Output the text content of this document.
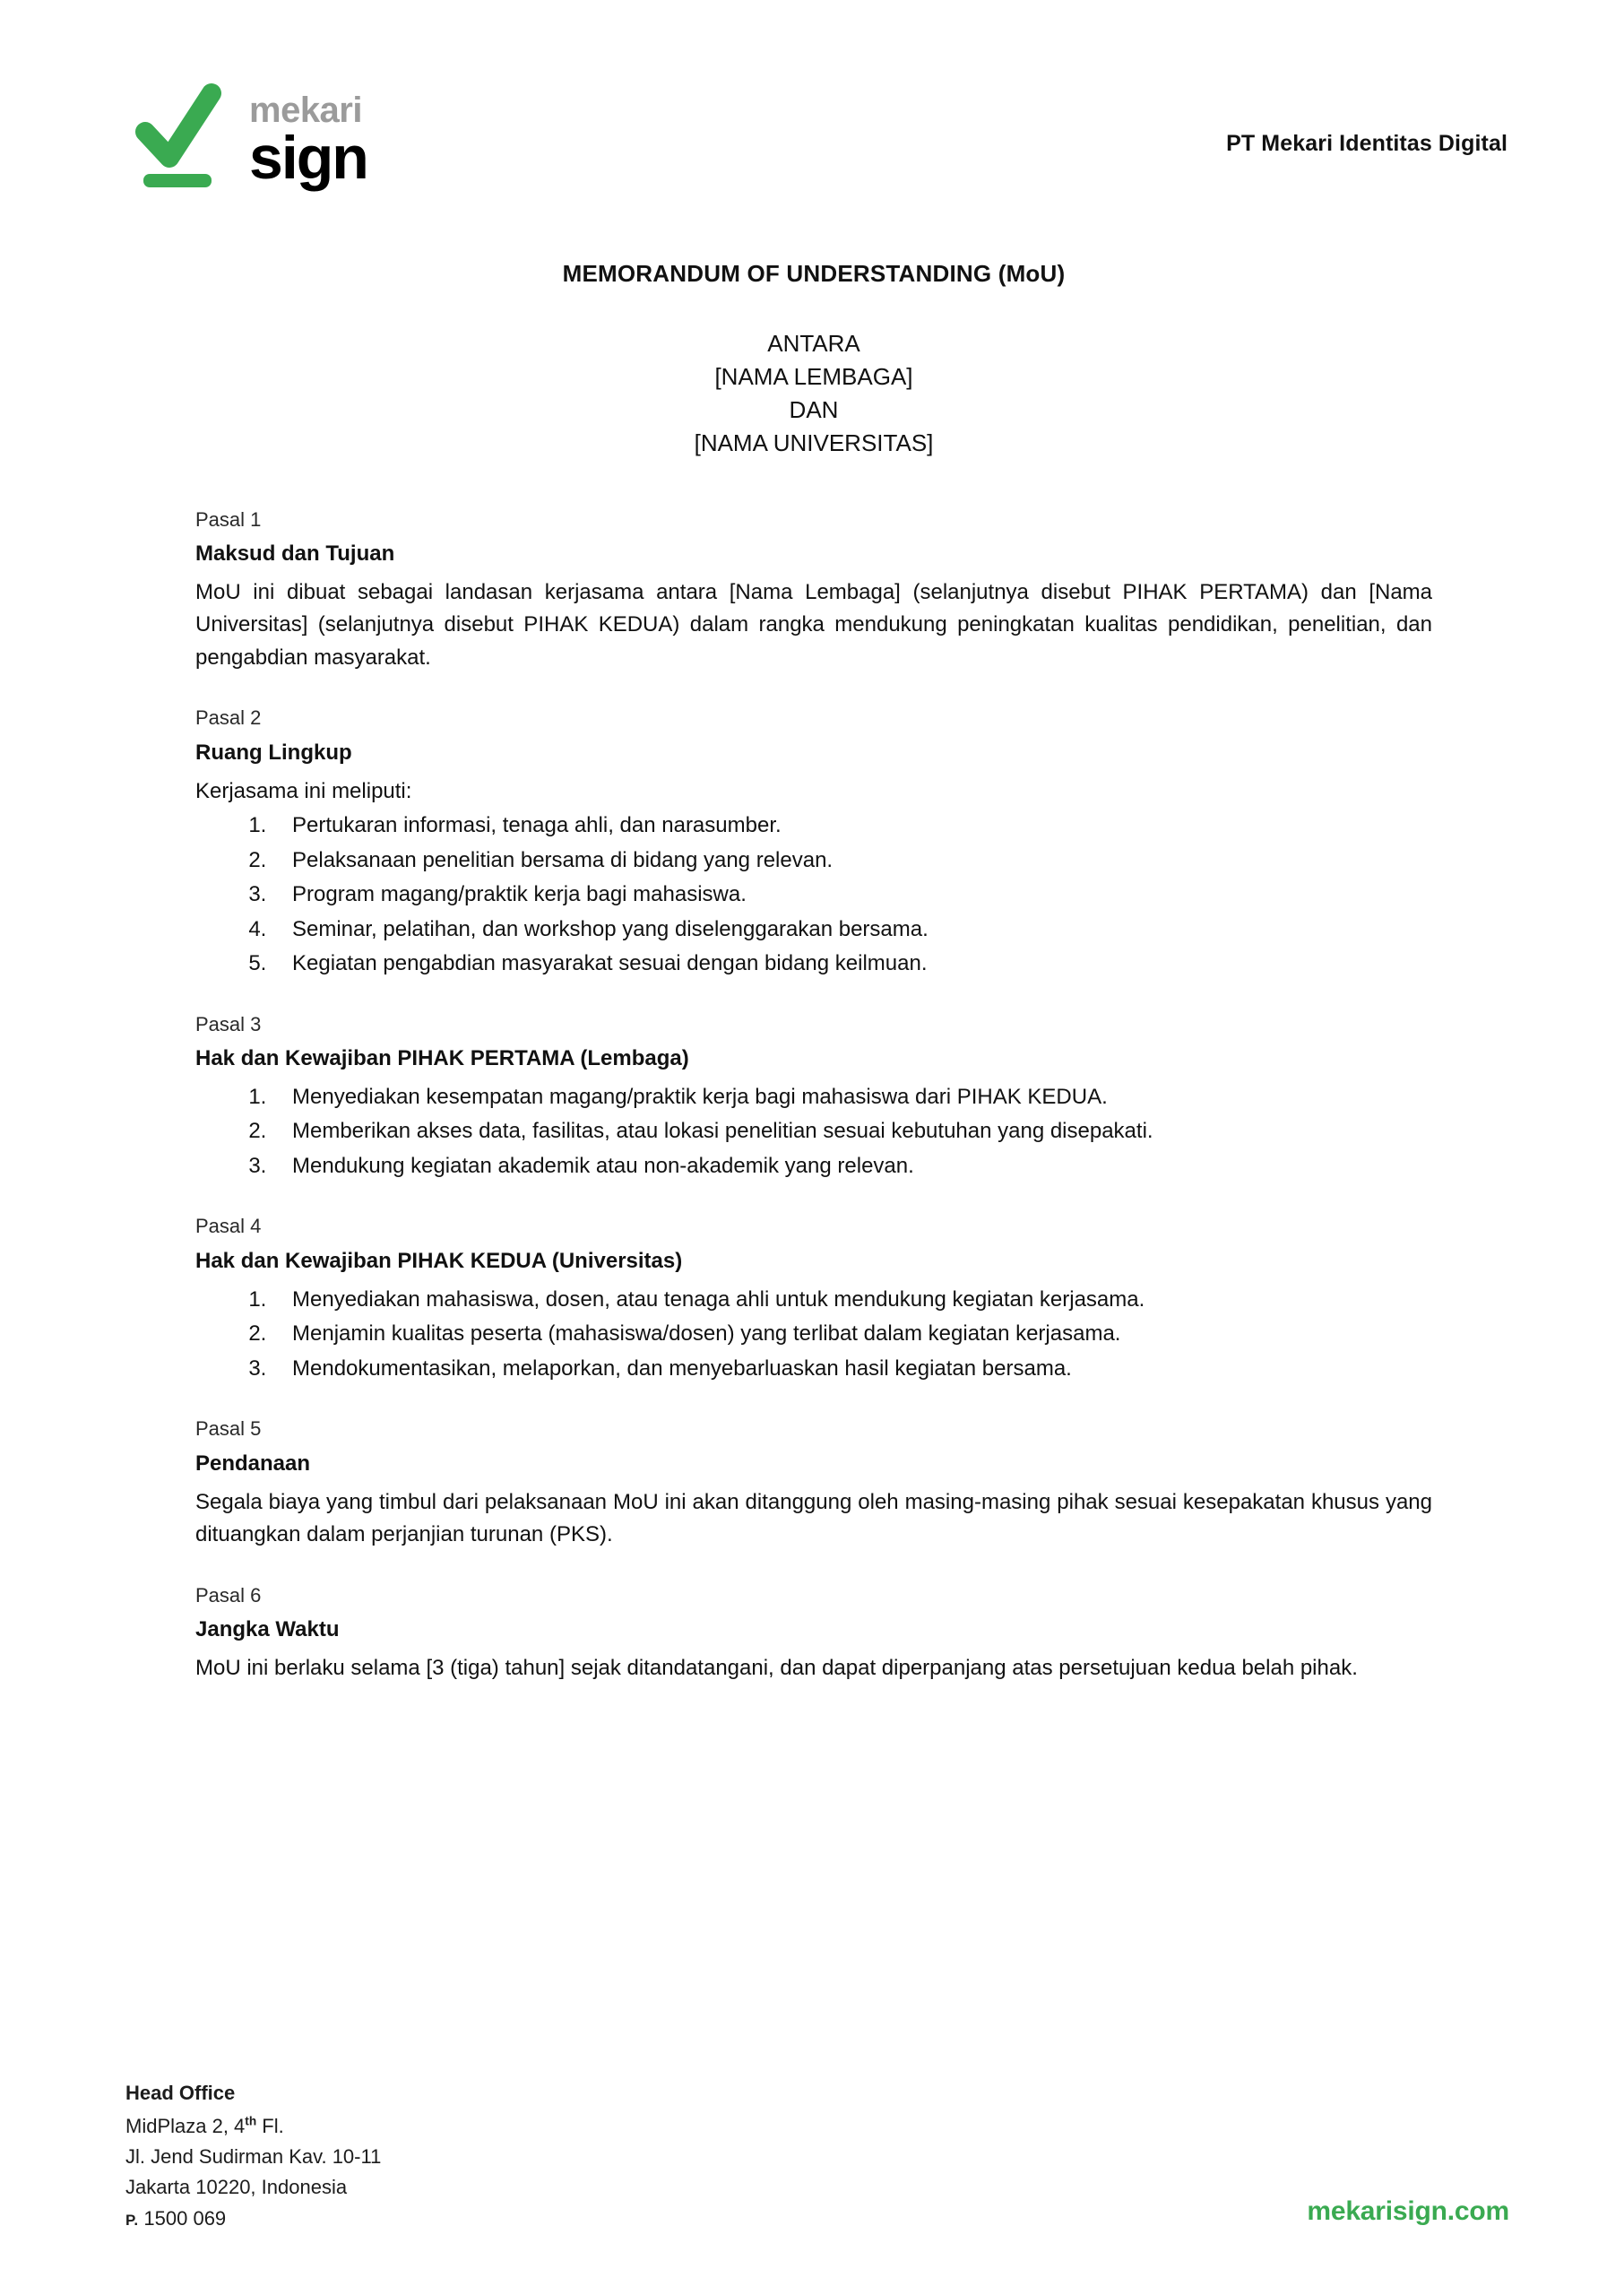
mekari
sign	PT Mekari Identitas Digital
MEMORANDUM OF UNDERSTANDING (MoU)
ANTARA
[NAMA LEMBAGA]
DAN
[NAMA UNIVERSITAS]
Pasal 1
Maksud dan Tujuan

MoU ini dibuat sebagai landasan kerjasama antara [Nama Lembaga] (selanjutnya disebut PIHAK PERTAMA) dan [Nama Universitas] (selanjutnya disebut PIHAK KEDUA) dalam rangka mendukung peningkatan kualitas pendidikan, penelitian, dan pengabdian masyarakat.

Pasal 2
Ruang Lingkup

Kerjasama ini meliputi:

1. Pertukaran informasi, tenaga ahli, dan narasumber.
2. Pelaksanaan penelitian bersama di bidang yang relevan.
3. Program magang/praktik kerja bagi mahasiswa.
4. Seminar, pelatihan, dan workshop yang diselenggarakan bersama.
5. Kegiatan pengabdian masyarakat sesuai dengan bidang keilmuan.
Pasal 3
Hak dan Kewajiban PIHAK PERTAMA (Lembaga)
1. Menyediakan kesempatan magang/praktik kerja bagi mahasiswa dari PIHAK KEDUA.
2. Memberikan akses data, fasilitas, atau lokasi penelitian sesuai kebutuhan yang disepakati.
3. Mendukung kegiatan akademik atau non-akademik yang relevan.
Pasal 4
Hak dan Kewajiban PIHAK KEDUA (Universitas)
1. Menyediakan mahasiswa, dosen, atau tenaga ahli untuk mendukung kegiatan kerjasama.
2. Menjamin kualitas peserta (mahasiswa/dosen) yang terlibat dalam kegiatan kerjasama.
3. Mendokumentasikan, melaporkan, dan menyebarluaskan hasil kegiatan bersama.
Pasal 5
Pendanaan

Segala biaya yang timbul dari pelaksanaan MoU ini akan ditanggung oleh masing-masing pihak sesuai kesepakatan khusus yang dituangkan dalam perjanjian turunan (PKS).

Pasal 6
Jangka Waktu

MoU ini berlaku selama [3 (tiga) tahun] sejak ditandatangani, dan dapat diperpanjang atas persetujuan kedua belah pihak.

Head Office
MidPlaza 2, 4th Fl.
Jl. Jend Sudirman Kav. 10-11
Jakarta 10220, Indonesia
P. 1500 069	mekarisign.com
